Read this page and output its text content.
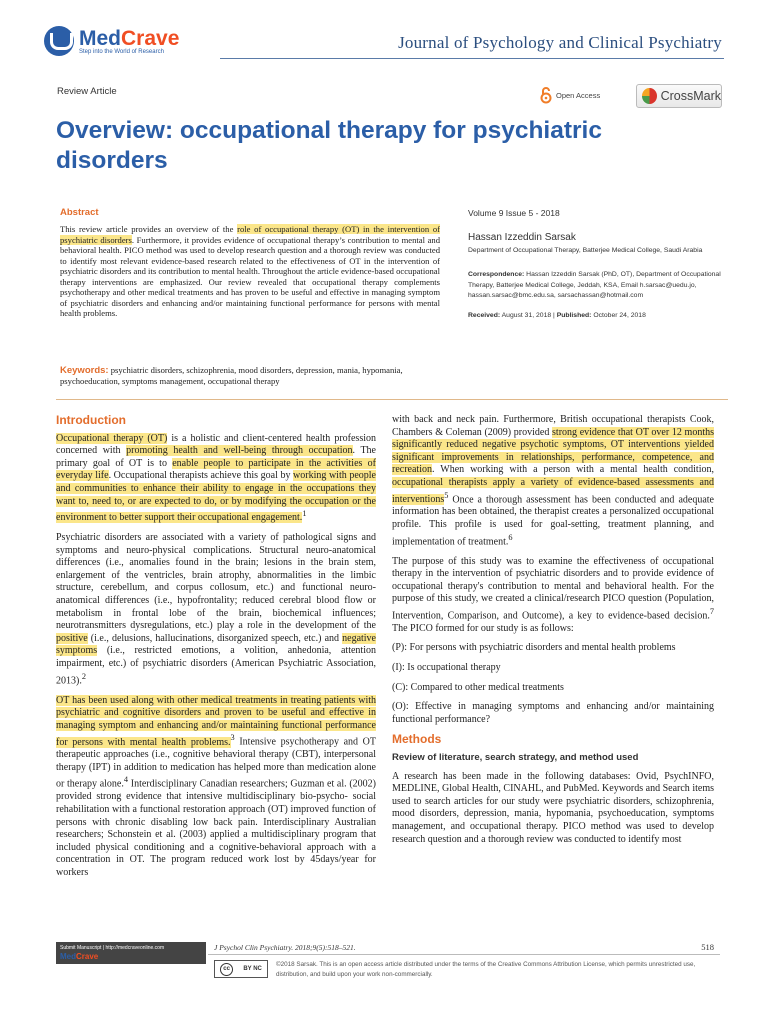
MedCrave
Step into the World of Research	Journal of Psychology and Clinical Psychiatry
Review Article	Open Access	CrossMark
Overview: occupational therapy for psychiatric disorders
Abstract
This review article provides an overview of the role of occupational therapy (OT) in the intervention of psychiatric disorders. Furthermore, it provides evidence of occupational therapy’s contribution to mental and behavioral health. PICO method was used to develop research question and a thorough review was conducted to identify most relevant evidence-based research related to the effectiveness of OT in the intervention of psychiatric disorders and its contribution to mental health. Throughout the article evidence-based occupational therapy interventions are emphasized. Our review revealed that occupational therapy complements psychotherapy and other medical treatments and has proven to be useful and effective in managing symptom of psychiatric disorders and enhancing and/or maintaining functional performance for persons with mental health problems.
Keywords: psychiatric disorders, schizophrenia, mood disorders, depression, mania, hypomania, psychoeducation, symptoms management, occupational therapy
Volume 9 Issue 5 - 2018
Hassan Izzeddin Sarsak
Department of Occupational Therapy, Batterjee Medical College, Saudi Arabia
Correspondence: Hassan Izzeddin Sarsak (PhD, OT), Department of Occupational Therapy, Batterjee Medical College, Jeddah, KSA, Email h.sarsac@uedu.jo, hassan.sarsac@bmc.edu.sa, sarsachassan@hotmail.com
Received: August 31, 2018 | Published: October 24, 2018
Introduction

Occupational therapy (OT) is a holistic and client-centered health profession concerned with promoting health and well-being through occupation. The primary goal of OT is to enable people to participate in the activities of everyday life. Occupational therapists achieve this goal by working with people and communities to enhance their ability to engage in the occupations they want to, need to, or are expected to do, or by modifying the occupation or the environment to better support their occupational engagement.$^1$

Psychiatric disorders are associated with a variety of pathological signs and symptoms and neuro-physical complications. Structural neuro-anatomical differences (i.e., anomalies found in the brain; lesions in the brain stem, enlargement of the ventricles, brain atrophy, abnormalities in the limbic structure, cerebellum, and corpus collosum, etc.) and functional neuro-anatomical differences (i.e., hypofrontality; reduced cerebral blood flow or metabolism in frontal lobe of the brain, biochemical influences; neurotransmitters dysregulations, etc.) play a role in the development of the positive (i.e., delusions, hallucinations, disorganized speech, etc.) and negative symptoms (i.e., restricted emotions, a volition, anhedonia, attention impairment, etc.) of psychiatric disorders (American Psychiatric Association, 2013).$^2$

OT has been used along with other medical treatments in treating patients with psychiatric and cognitive disorders and proven to be useful and effective in managing symptom and enhancing and/or maintaining functional performance for persons with mental health problems.$^3$ Intensive psychotherapy and OT therapeutic approaches (i.e., cognitive behavioral therapy (CBT), interpersonal therapy (IPT) in addition to medication has helped more than medication alone or therapy alone.$^4$ Interdisciplinary Canadian researchers; Guzman et al. (2002) provided strong evidence that intensive multidisciplinary bio-psycho- social rehabilitation with a functional restoration approach (OT) improved function of persons with chronic disabling low back pain. Interdisciplinary Australian researchers; Schonstein et al. (2003) applied a multidisciplinary program that included physical conditioning and a cognitive-behavioral approach with a concentration in OT. The program reduced work lost by 45days/year for workers

with back and neck pain. Furthermore, British occupational therapists Cook, Chambers & Coleman (2009) provided strong evidence that OT over 12 months significantly reduced negative psychotic symptoms, OT interventions yielded significant improvements in relationships, performance, competence, and recreation. When working with a person with a mental health condition, occupational therapists apply a variety of evidence-based assessments and interventions$^5$ Once a thorough assessment has been conducted and adequate information has been obtained, the therapist creates a personalized occupational profile. This profile is used for goal-setting, treatment planning, and implementation of treatment.$^6$

The purpose of this study was to examine the effectiveness of occupational therapy in the intervention of psychiatric disorders and to provide evidence of occupational therapy's contribution to mental and behavioral health. For the purpose of this study, we created a clinical/research PICO question (Population, Intervention, Comparison, and Outcome), a key to evidence-based decision.$^7$ The PICO formed for our study is as follows:

(P): For persons with psychiatric disorders and mental health problems

(I): Is occupational therapy

(C): Compared to other medical treatments

(O): Effective in managing symptoms and enhancing and/or maintaining functional performance?

Methods
Review of literature, search strategy, and method used

A research has been made in the following databases: Ovid, PsychINFO, MEDLINE, Global Health, CINAHL, and PubMed. Keywords and Search items used to search articles for our study were psychiatric disorders, schizophrenia, mood disorders, depression, mania, hypomania, psychoeducation, symptoms management, and occupational therapy. PICO method was used to develop research question and a thorough review was conducted to identify most

Submit Manuscript | http://medcraveonline.com
MedCrave
J Psychol Clin Psychiatry. 2018;9(5):518–521.	518
cc	BY NC
©2018 Sarsak. This is an open access article distributed under the terms of the Creative Commons Attribution License, which permits unrestricted use, distribution, and build upon your work non-commercially.
